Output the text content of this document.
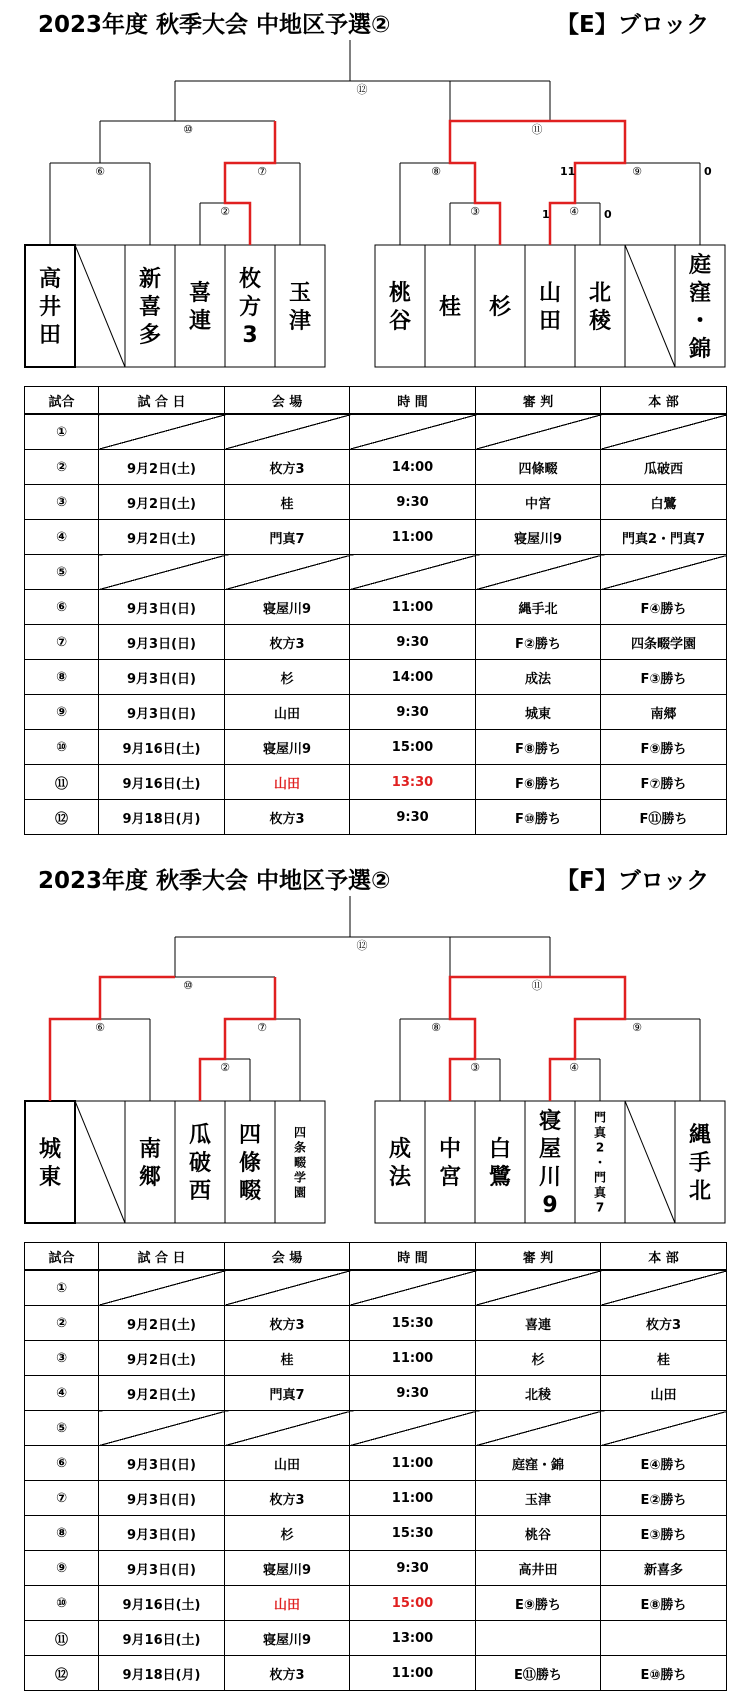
2023年度 秋季大会 中地区予選②	【E】ブロック
⑫
⑩	⑪
⑥	⑦	⑧	⑨
②	③	④
11	0
1	0
高
井
田
新
喜
多
喜
連
枚
方
3
玉
津
桃
谷
桂 杉
山
田
北
稜
庭
窪
・
錦
試合	試 合 日	会 場	時 間	審 判	本 部
①					
②	9月2日(土)	枚方3	14:00	四條畷	瓜破西
③	9月2日(土)	桂	9:30	中宮	白鷺
④	9月2日(土)	門真7	11:00	寝屋川9	門真2・門真7
⑤					
⑥	9月3日(日)	寝屋川9	11:00	縄手北	F④勝ち
⑦	9月3日(日)	枚方3	9:30	F②勝ち	四条畷学園
⑧	9月3日(日)	杉	14:00	成法	F③勝ち
⑨	9月3日(日)	山田	9:30	城東	南郷
⑩	9月16日(土)	寝屋川9	15:00	F⑧勝ち	F⑨勝ち
⑪	9月16日(土)	山田	13:30	F⑥勝ち	F⑦勝ち
⑫	9月18日(月)	枚方3	9:30	F⑩勝ち	F⑪勝ち
2023年度 秋季大会 中地区予選②	【F】ブロック
⑫
⑩	⑪
⑥	⑦	⑧	⑨
②	③	④
城
東
南
郷
瓜
破
西
四
條
畷
四
条
畷
学
園
成
法
中
宮
白
鷺
寝
屋
川
9
門
真
2
・
門
真
7
縄
手
北
試合	試 合 日	会 場	時 間	審 判	本 部
①					
②	9月2日(土)	枚方3	15:30	喜連	枚方3
③	9月2日(土)	桂	11:00	杉	桂
④	9月2日(土)	門真7	9:30	北稜	山田
⑤					
⑥	9月3日(日)	山田	11:00	庭窪・錦	E④勝ち
⑦	9月3日(日)	枚方3	11:00	玉津	E②勝ち
⑧	9月3日(日)	杉	15:30	桃谷	E③勝ち
⑨	9月3日(日)	寝屋川9	9:30	高井田	新喜多
⑩	9月16日(土)	山田	15:00	E⑨勝ち	E⑧勝ち
⑪	9月16日(土)	寝屋川9	13:00		
⑫	9月18日(月)	枚方3	11:00	E⑪勝ち	E⑩勝ち
